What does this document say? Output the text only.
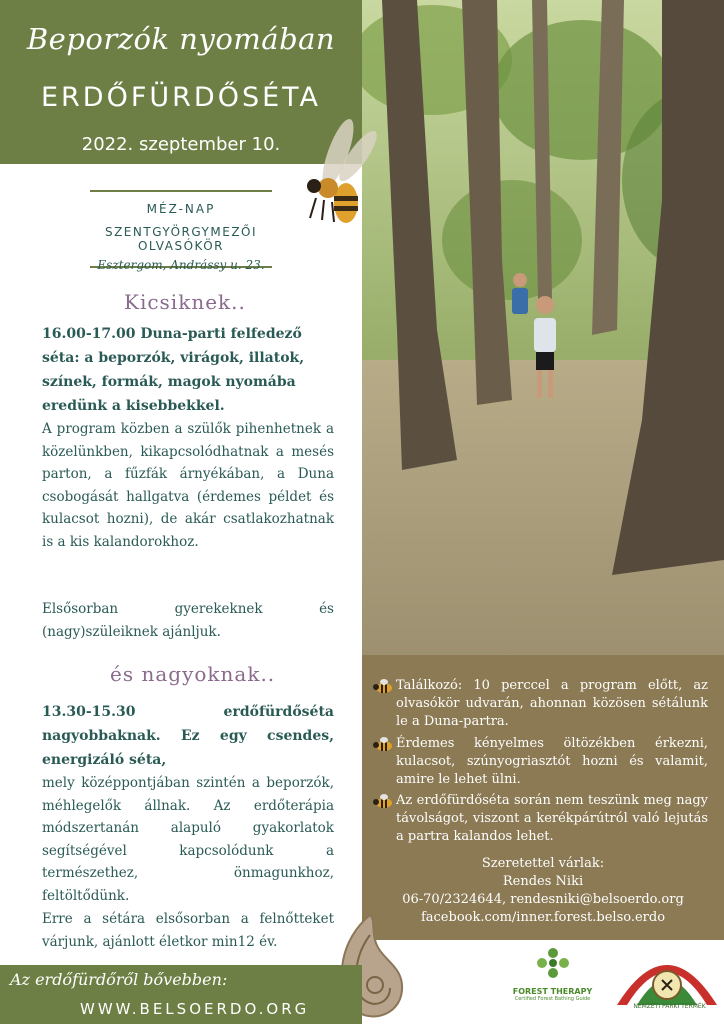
Beporzók nyomában
ERDŐFÜRDŐSÉTA
2022. szeptember 10.
MÉZ-NAP
SZENTGYÖRGYMEZŐI OLVASÓKÖR
Esztergom, Andrássy u. 23.
Kicsiknek..
16.00-17.00 Duna-parti felfedező séta: a beporzók, virágok, illatok, színek, formák, magok nyomába eredünk a kisebbekkel.
A program közben a szülők pihenhetnek a közelünkben, kikapcsolódhatnak a mesés parton, a fűzfák árnyékában, a Duna csobogását hallgatva (érdemes példet és kulacsot hozni), de akár csatlakozhatnak is a kis kalandorokhoz.
Elsősorban gyerekeknek és (nagy)szüleiknek ajánljuk.
és nagyoknak..
13.30-15.30 erdőfürdőséta nagyobbaknak. Ez egy csendes, energizáló séta,
mely középpontjában szintén a beporzók, méhlegelők állnak. Az erdőterápia módszertanán alapuló gyakorlatok segítségével kapcsolódunk a természethez, önmagunkhoz, feltöltődünk.
Erre a sétára elsősorban a felnőtteket várjunk, ajánlott életkor min12 év.
Találkozó: 10 perccel a program előtt, az olvasókör udvarán, ahonnan közösen sétálunk le a Duna-partra.
Érdemes kényelmes öltözékben érkezni, kulacsot, szúnyogriasztót hozni és valamit, amire le lehet ülni.
Az erdőfürdőséta során nem teszünk meg nagy távolságot, viszont a kerékpárútról való lejutás a partra kalandos lehet.
Szeretettel várlak:
Rendes Niki
06-70/2324644, rendesniki@belsoerdo.org
facebook.com/inner.forest.belso.erdo
FOREST THERAPY
Certified Forest Bathing Guide
NEMZETI PARKI TERMÉK
Az erdőfürdőről bővebben:
WWW.BELSOERDO.ORG
